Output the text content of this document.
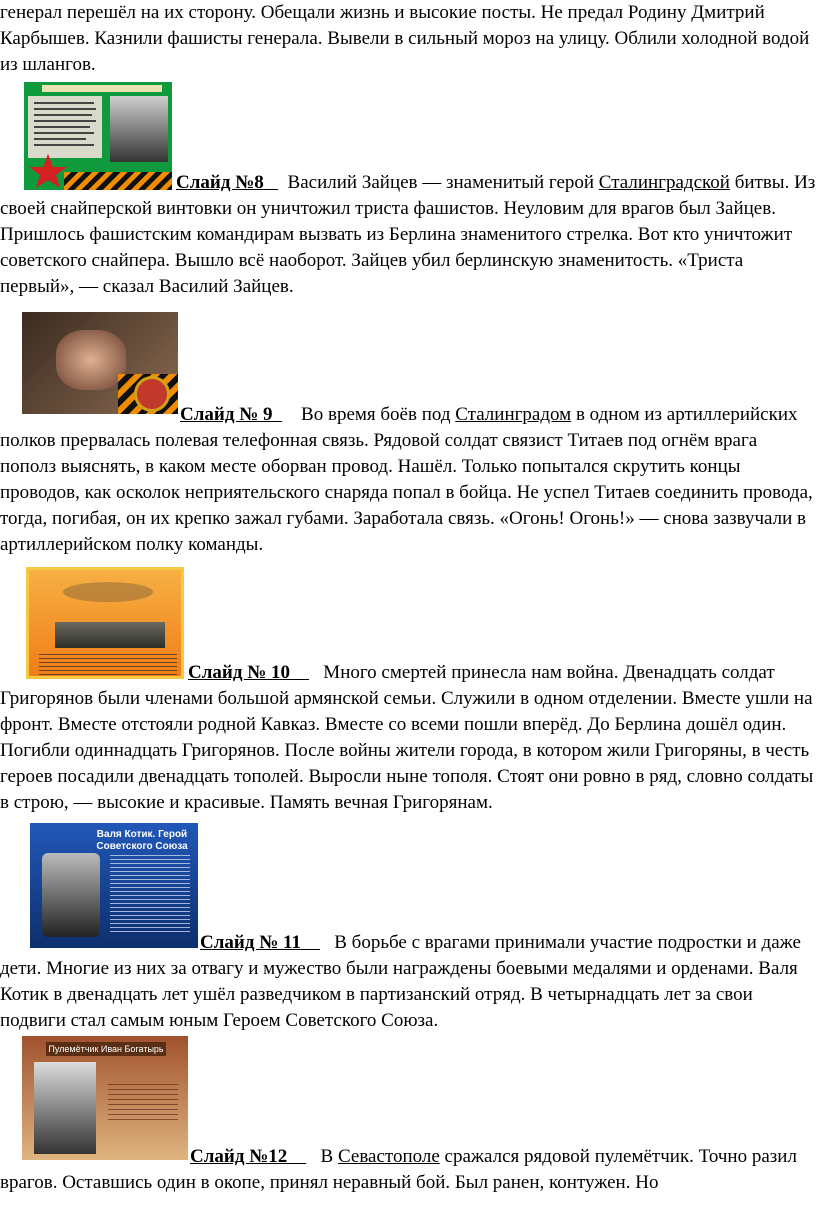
генерал перешёл на их сторону. Обещали жизнь и высокие посты. Не предал Родину Дмитрий Карбышев. Казнили фашисты генерала. Вывели в сильный мороз на улицу. Облили холодной водой из шлангов.

Слайд №8 Василий Зайцев — знаменитый герой Сталинградской битвы. Из своей снайперской винтовки он уничтожил триста фашистов. Неуловим для врагов был Зайцев. Пришлось фашистским командирам вызвать из Берлина знаменитого стрелка. Вот кто уничтожит советского снайпера. Вышло всё наоборот. Зайцев убил берлинскую знаменитость. «Триста первый», — сказал Василий Зайцев.

Слайд № 9 Во время боёв под Сталинградом в одном из артиллерийских полков прервалась полевая телефонная связь. Рядовой солдат связист Титаев под огнём врага пополз выяснять, в каком месте оборван провод. Нашёл. Только попытался скрутить концы проводов, как осколок неприятельского снаряда попал в бойца. Не успел Титаев соединить провода, тогда, погибая, он их крепко зажал губами. Заработала связь. «Огонь! Огонь!» — снова зазвучали в артиллерийском полку команды.

Слайд № 10 Много смертей принесла нам война. Двенадцать солдат Григорянов были членами большой армянской семьи. Служили в одном отделении. Вместе ушли на фронт. Вместе отстояли родной Кавказ. Вместе со всеми пошли вперёд. До Берлина дошёл один. Погибли одиннадцать Григорянов. После войны жители города, в котором жили Григоряны, в честь героев посадили двенадцать тополей. Выросли ныне тополя. Стоят они ровно в ряд, словно солдаты в строю, — высокие и красивые. Память вечная Григорянам.

Валя Котик. Герой Советского Союза

Слайд № 11 В борьбе с врагами принимали участие подростки и даже дети. Многие из них за отвагу и мужество были награждены боевыми медалями и орденами. Валя Котик в двенадцать лет ушёл разведчиком в партизанский отряд. В четырнадцать лет за свои подвиги стал самым юным Героем Советского Союза.

Пулемётчик Иван Богатырь

Слайд №12 В Севастополе сражался рядовой пулемётчик. Точно разил врагов. Оставшись один в окопе, принял неравный бой. Был ранен, контужен. Но
